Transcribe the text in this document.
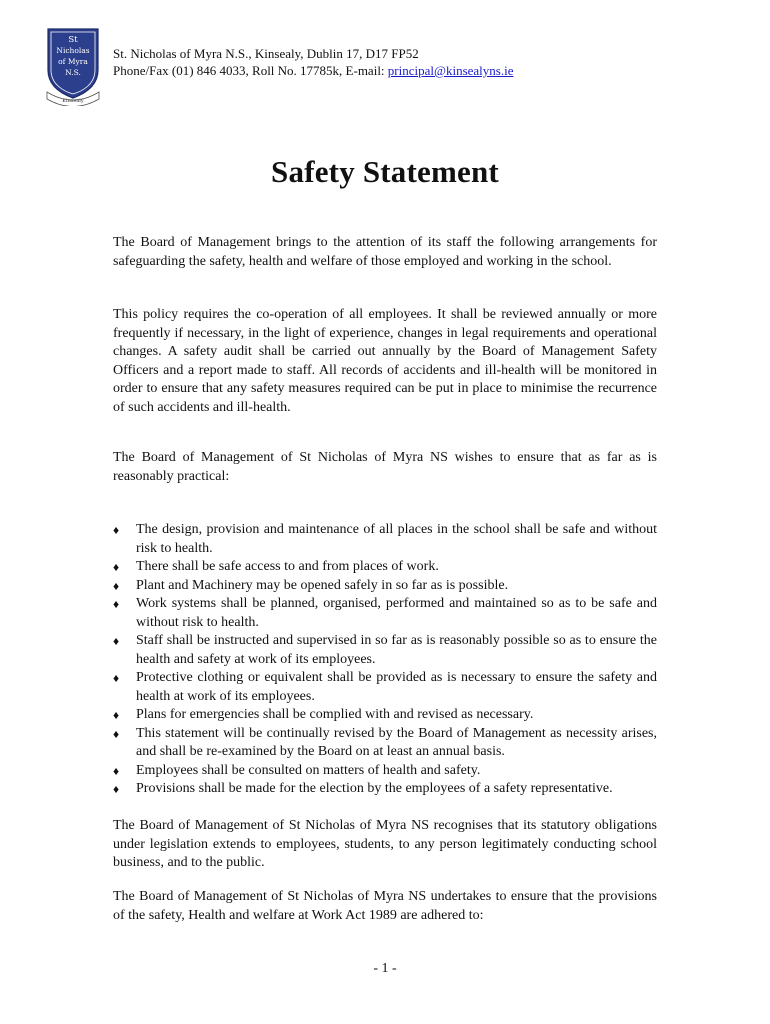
St
Nicholas
of Myra
N.S.
Kinsealy
St. Nicholas of Myra N.S., Kinsealy, Dublin 17, D17 FP52
Phone/Fax (01) 846 4033, Roll No. 17785k, E-mail: principal@kinsealyns.ie
Safety Statement

The Board of Management brings to the attention of its staff the following arrangements for safeguarding the safety, health and welfare of those employed and working in the school.

This policy requires the co-operation of all employees. It shall be reviewed annually or more frequently if necessary, in the light of experience, changes in legal requirements and operational changes. A safety audit shall be carried out annually by the Board of Management Safety Officers and a report made to staff. All records of accidents and ill-health will be monitored in order to ensure that any safety measures required can be put in place to minimise the recurrence of such accidents and ill-health.

The Board of Management of St Nicholas of Myra NS wishes to ensure that as far as is reasonably practical:

♦ The design, provision and maintenance of all places in the school shall be safe and without risk to health.
♦ There shall be safe access to and from places of work.
♦ Plant and Machinery may be opened safely in so far as is possible.
♦ Work systems shall be planned, organised, performed and maintained so as to be safe and without risk to health.
♦ Staff shall be instructed and supervised in so far as is reasonably possible so as to ensure the health and safety at work of its employees.
♦ Protective clothing or equivalent shall be provided as is necessary to ensure the safety and health at work of its employees.
♦ Plans for emergencies shall be complied with and revised as necessary.
♦ This statement will be continually revised by the Board of Management as necessity arises, and shall be re-examined by the Board on at least an annual basis.
♦ Employees shall be consulted on matters of health and safety.
♦ Provisions shall be made for the election by the employees of a safety representative.

The Board of Management of St Nicholas of Myra NS recognises that its statutory obligations under legislation extends to employees, students, to any person legitimately conducting school business, and to the public.

The Board of Management of St Nicholas of Myra NS undertakes to ensure that the provisions of the safety, Health and welfare at Work Act 1989 are adhered to:

- 1 -
